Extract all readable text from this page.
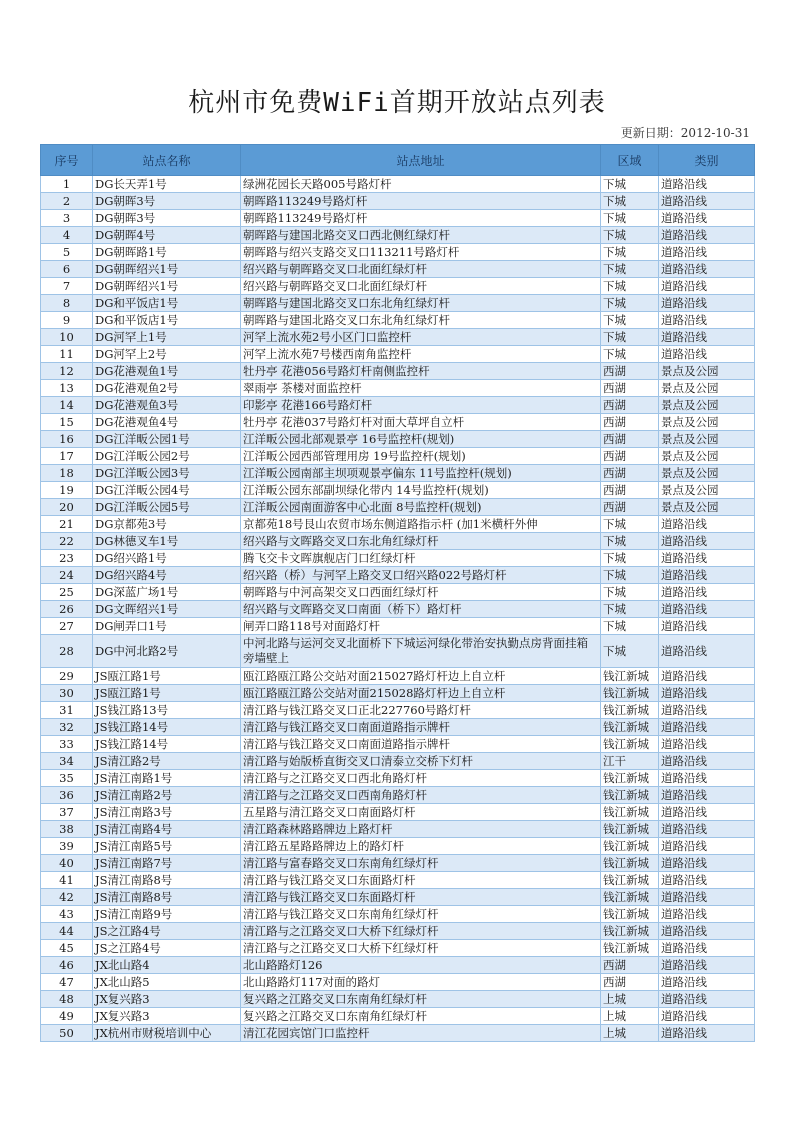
杭州市免费WiFi首期开放站点列表
更新日期：2012-10-31
序号	站点名称	站点地址	区域	类别
1	DG长天弄1号	绿洲花园长天路005号路灯杆	下城	道路沿线
2	DG朝晖3号	朝晖路113249号路灯杆	下城	道路沿线
3	DG朝晖3号	朝晖路113249号路灯杆	下城	道路沿线
4	DG朝晖4号	朝晖路与建国北路交叉口西北侧红绿灯杆	下城	道路沿线
5	DG朝晖路1号	朝晖路与绍兴支路交叉口113211号路灯杆	下城	道路沿线
6	DG朝晖绍兴1号	绍兴路与朝晖路交叉口北面红绿灯杆	下城	道路沿线
7	DG朝晖绍兴1号	绍兴路与朝晖路交叉口北面红绿灯杆	下城	道路沿线
8	DG和平饭店1号	朝晖路与建国北路交叉口东北角红绿灯杆	下城	道路沿线
9	DG和平饭店1号	朝晖路与建国北路交叉口东北角红绿灯杆	下城	道路沿线
10	DG河罕上1号	河罕上流水苑2号小区门口监控杆	下城	道路沿线
11	DG河罕上2号	河罕上流水苑7号楼西南角监控杆	下城	道路沿线
12	DG花港观鱼1号	牡丹亭 花港056号路灯杆南侧监控杆	西湖	景点及公园
13	DG花港观鱼2号	翠雨亭 茶楼对面监控杆	西湖	景点及公园
14	DG花港观鱼3号	印影亭 花港166号路灯杆	西湖	景点及公园
15	DG花港观鱼4号	牡丹亭 花港037号路灯杆对面大草坪自立杆	西湖	景点及公园
16	DG江洋畈公园1号	江洋畈公园北部观景亭 16号监控杆(规划)	西湖	景点及公园
17	DG江洋畈公园2号	江洋畈公园西部管理用房 19号监控杆(规划)	西湖	景点及公园
18	DG江洋畈公园3号	江洋畈公园南部主坝项观景亭偏东 11号监控杆(规划)	西湖	景点及公园
19	DG江洋畈公园4号	江洋畈公园东部副坝绿化带内 14号监控杆(规划)	西湖	景点及公园
20	DG江洋畈公园5号	江洋畈公园南面游客中心北面 8号监控杆(规划)	西湖	景点及公园
21	DG京都苑3号	京都苑18号艮山农贸市场东侧道路指示杆 (加1米横杆外伸	下城	道路沿线
22	DG林德叉车1号	绍兴路与文晖路交叉口东北角红绿灯杆	下城	道路沿线
23	DG绍兴路1号	腾飞交卡文晖旗舰店门口红绿灯杆	下城	道路沿线
24	DG绍兴路4号	绍兴路（桥）与河罕上路交叉口绍兴路022号路灯杆	下城	道路沿线
25	DG深蓝广场1号	朝晖路与中河高架交叉口西面红绿灯杆	下城	道路沿线
26	DG文晖绍兴1号	绍兴路与文晖路交叉口南面（桥下）路灯杆	下城	道路沿线
27	DG闸弄口1号	闸弄口路118号对面路灯杆	下城	道路沿线
28	DG中河北路2号	中河北路与运河交叉北面桥下下城运河绿化带治安执勤点房背面挂箱旁墙壁上	下城	道路沿线
29	JS瓯江路1号	瓯江路瓯江路公交站对面215027路灯杆边上自立杆	钱江新城	道路沿线
30	JS瓯江路1号	瓯江路瓯江路公交站对面215028路灯杆边上自立杆	钱江新城	道路沿线
31	JS钱江路13号	清江路与钱江路交叉口正北227760号路灯杆	钱江新城	道路沿线
32	JS钱江路14号	清江路与钱江路交叉口南面道路指示牌杆	钱江新城	道路沿线
33	JS钱江路14号	清江路与钱江路交叉口南面道路指示牌杆	钱江新城	道路沿线
34	JS清江路2号	清江路与始版桥直街交叉口清泰立交桥下灯杆	江干	道路沿线
35	JS清江南路1号	清江路与之江路交叉口西北角路灯杆	钱江新城	道路沿线
36	JS清江南路2号	清江路与之江路交叉口西南角路灯杆	钱江新城	道路沿线
37	JS清江南路3号	五星路与清江路交叉口南面路灯杆	钱江新城	道路沿线
38	JS清江南路4号	清江路森林路路牌边上路灯杆	钱江新城	道路沿线
39	JS清江南路5号	清江路五星路路牌边上的路灯杆	钱江新城	道路沿线
40	JS清江南路7号	清江路与富春路交叉口东南角红绿灯杆	钱江新城	道路沿线
41	JS清江南路8号	清江路与钱江路交叉口东面路灯杆	钱江新城	道路沿线
42	JS清江南路8号	清江路与钱江路交叉口东面路灯杆	钱江新城	道路沿线
43	JS清江南路9号	清江路与钱江路交叉口东南角红绿灯杆	钱江新城	道路沿线
44	JS之江路4号	清江路与之江路交叉口大桥下红绿灯杆	钱江新城	道路沿线
45	JS之江路4号	清江路与之江路交叉口大桥下红绿灯杆	钱江新城	道路沿线
46	JX北山路4	北山路路灯126	西湖	道路沿线
47	JX北山路5	北山路路灯117对面的路灯	西湖	道路沿线
48	JX复兴路3	复兴路之江路交叉口东南角红绿灯杆	上城	道路沿线
49	JX复兴路3	复兴路之江路交叉口东南角红绿灯杆	上城	道路沿线
50	JX杭州市财税培训中心	清江花园宾馆门口监控杆	上城	道路沿线
